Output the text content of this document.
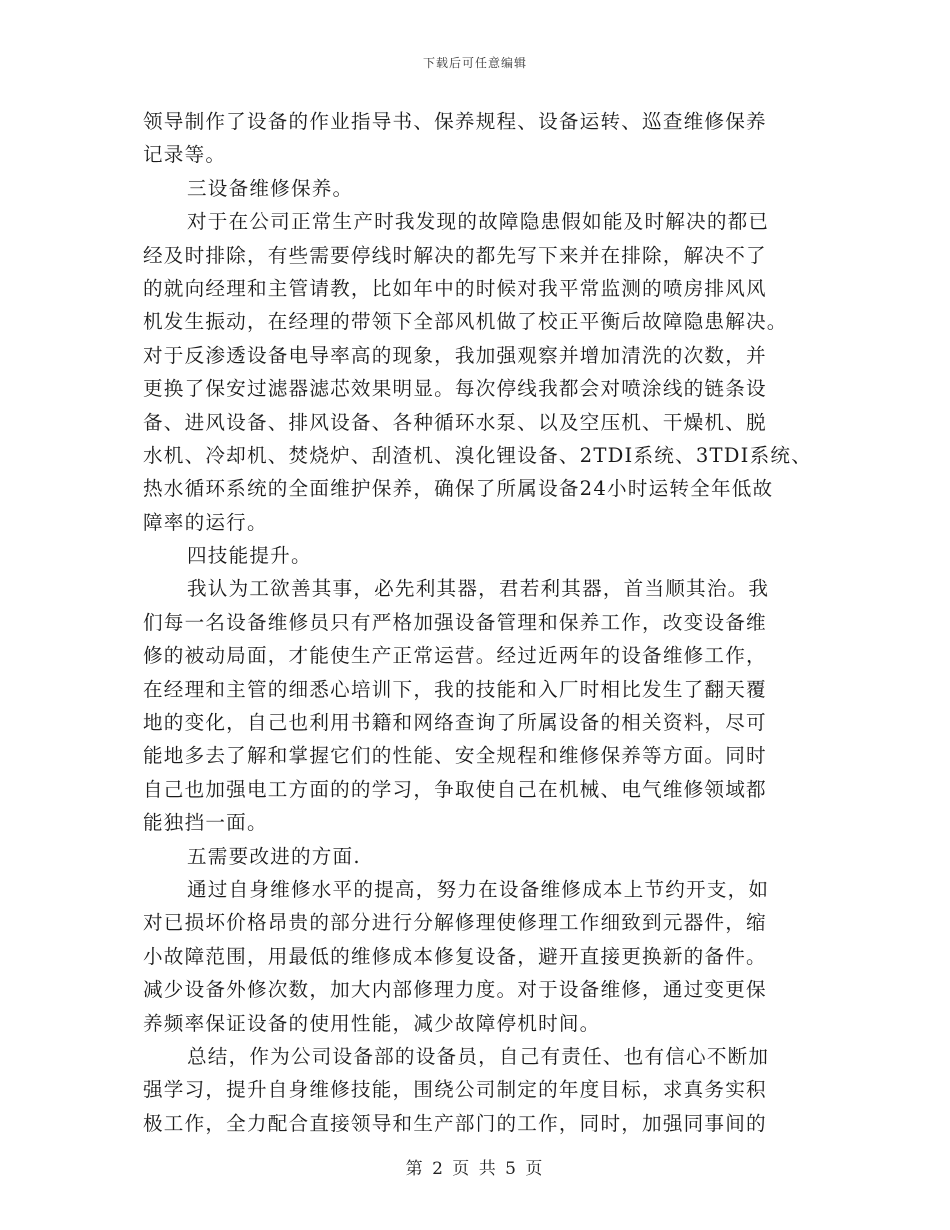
下载后可任意编辑
领导制作了设备的作业指导书、保养规程、设备运转、巡查维修保养
记录等。
三设备维修保养。
对于在公司正常生产时我发现的故障隐患假如能及时解决的都已
经及时排除，有些需要停线时解决的都先写下来并在排除，解决不了
的就向经理和主管请教，比如年中的时候对我平常监测的喷房排风风
机发生振动，在经理的带领下全部风机做了校正平衡后故障隐患解决。
对于反渗透设备电导率高的现象，我加强观察并增加清洗的次数，并
更换了保安过滤器滤芯效果明显。每次停线我都会对喷涂线的链条设
备、进风设备、排风设备、各种循环水泵、以及空压机、干燥机、脱
水机、冷却机、焚烧炉、刮渣机、溴化锂设备、2TDI系统、3TDI系统、
热水循环系统的全面维护保养，确保了所属设备24小时运转全年低故
障率的运行。
四技能提升。
我认为工欲善其事，必先利其器，君若利其器，首当顺其治。我
们每一名设备维修员只有严格加强设备管理和保养工作，改变设备维
修的被动局面，才能使生产正常运营。经过近两年的设备维修工作，
在经理和主管的细悉心培训下，我的技能和入厂时相比发生了翻天覆
地的变化，自己也利用书籍和网络查询了所属设备的相关资料，尽可
能地多去了解和掌握它们的性能、安全规程和维修保养等方面。同时
自己也加强电工方面的的学习，争取使自己在机械、电气维修领域都
能独挡一面。
五需要改进的方面.
通过自身维修水平的提高，努力在设备维修成本上节约开支，如
对已损坏价格昂贵的部分进行分解修理使修理工作细致到元器件，缩
小故障范围，用最低的维修成本修复设备，避开直接更换新的备件。
减少设备外修次数，加大内部修理力度。对于设备维修，通过变更保
养频率保证设备的使用性能，减少故障停机时间。
总结，作为公司设备部的设备员，自己有责任、也有信心不断加
强学习，提升自身维修技能，围绕公司制定的年度目标，求真务实积
极工作，全力配合直接领导和生产部门的工作，同时，加强同事间的
第 2 页 共 5 页
